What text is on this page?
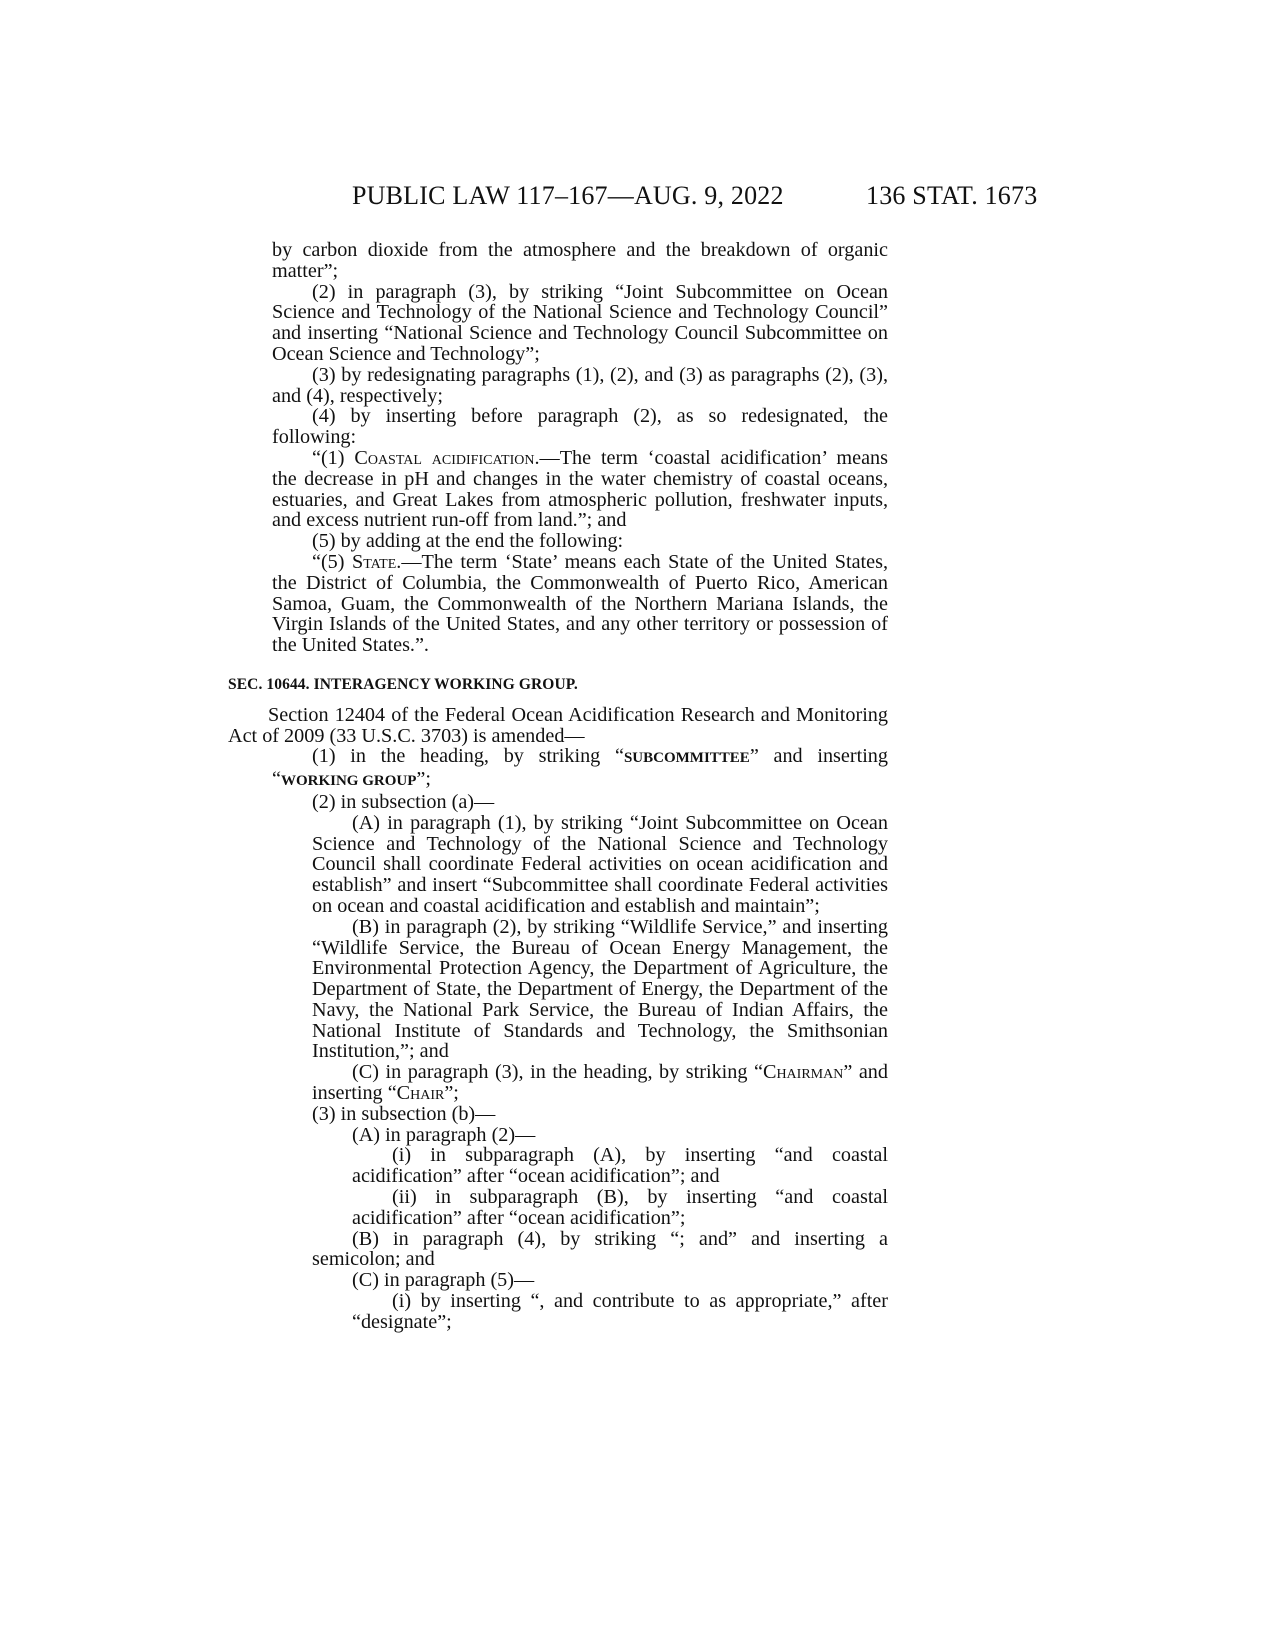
PUBLIC LAW 117–167—AUG. 9, 2022	136 STAT. 1673

by carbon dioxide from the atmosphere and the breakdown of organic matter”;

(2) in paragraph (3), by striking “Joint Subcommittee on Ocean Science and Technology of the National Science and Technology Council” and inserting “National Science and Technology Council Subcommittee on Ocean Science and Technology”;

(3) by redesignating paragraphs (1), (2), and (3) as paragraphs (2), (3), and (4), respectively;

(4) by inserting before paragraph (2), as so redesignated, the following:

“(1) Coastal acidification.—The term ‘coastal acidification’ means the decrease in pH and changes in the water chemistry of coastal oceans, estuaries, and Great Lakes from atmospheric pollution, freshwater inputs, and excess nutrient run-off from land.”; and

(5) by adding at the end the following:

“(5) State.—The term ‘State’ means each State of the United States, the District of Columbia, the Commonwealth of Puerto Rico, American Samoa, Guam, the Commonwealth of the Northern Mariana Islands, the Virgin Islands of the United States, and any other territory or possession of the United States.”.

SEC. 10644. INTERAGENCY WORKING GROUP.

Section 12404 of the Federal Ocean Acidification Research and Monitoring Act of 2009 (33 U.S.C. 3703) is amended—

(1) in the heading, by striking “SUBCOMMITTEE” and inserting “WORKING GROUP”;

(2) in subsection (a)—

(A) in paragraph (1), by striking “Joint Subcommittee on Ocean Science and Technology of the National Science and Technology Council shall coordinate Federal activities on ocean acidification and establish” and insert “Subcommittee shall coordinate Federal activities on ocean and coastal acidification and establish and maintain”;

(B) in paragraph (2), by striking “Wildlife Service,” and inserting “Wildlife Service, the Bureau of Ocean Energy Management, the Environmental Protection Agency, the Department of Agriculture, the Department of State, the Department of Energy, the Department of the Navy, the National Park Service, the Bureau of Indian Affairs, the National Institute of Standards and Technology, the Smithsonian Institution,”; and

(C) in paragraph (3), in the heading, by striking “Chairman” and inserting “Chair”;

(3) in subsection (b)—

(A) in paragraph (2)—

(i) in subparagraph (A), by inserting “and coastal acidification” after “ocean acidification”; and

(ii) in subparagraph (B), by inserting “and coastal acidification” after “ocean acidification”;

(B) in paragraph (4), by striking “; and” and inserting a semicolon; and

(C) in paragraph (5)—

(i) by inserting “, and contribute to as appropriate,” after “designate”;
